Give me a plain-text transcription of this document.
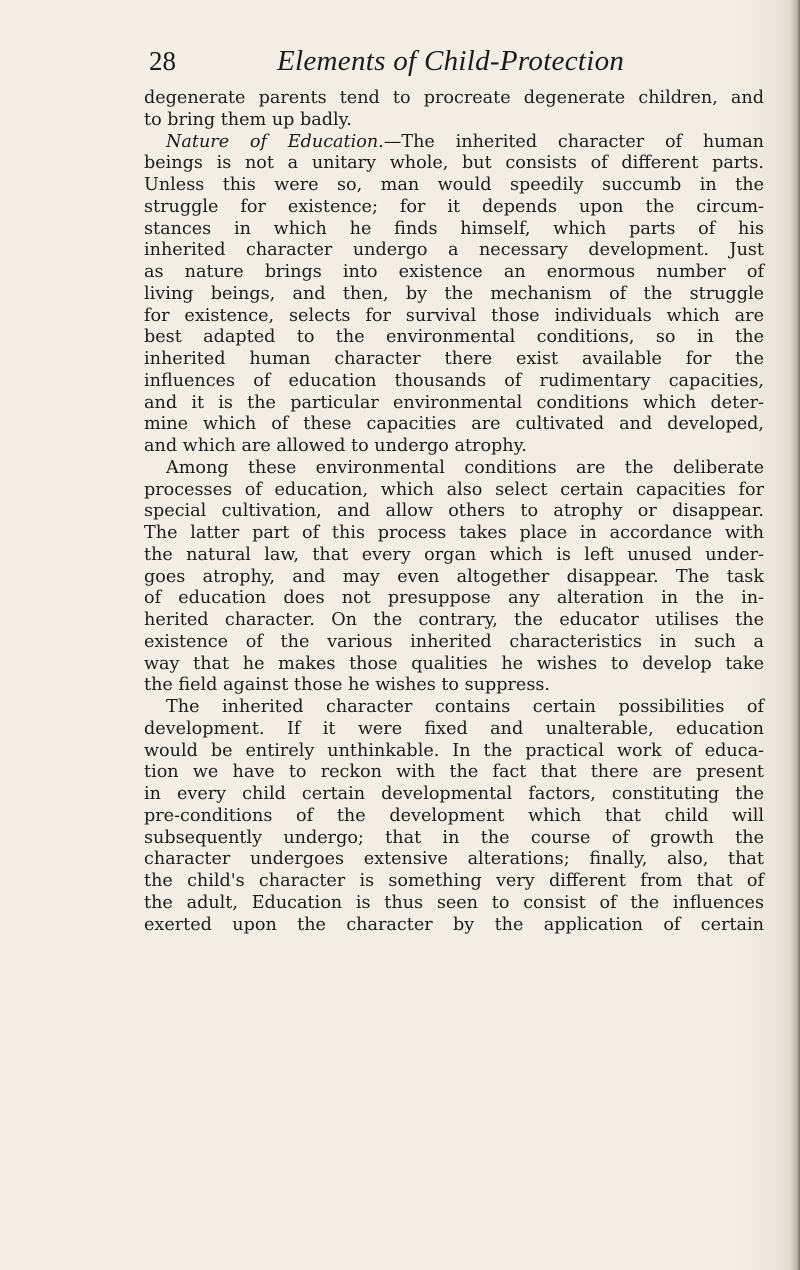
28	Elements of Child-Protection
degenerate parents tend to procreate degenerate children, and
to bring them up badly.
Nature of Education.—The inherited character of human
beings is not a unitary whole, but consists of different parts.
Unless this were so, man would speedily succumb in the
struggle for existence; for it depends upon the circum-
stances in which he finds himself, which parts of his
inherited character undergo a necessary development. Just
as nature brings into existence an enormous number of
living beings, and then, by the mechanism of the struggle
for existence, selects for survival those individuals which are
best adapted to the environmental conditions, so in the
inherited human character there exist available for the
influences of education thousands of rudimentary capacities,
and it is the particular environmental conditions which deter-
mine which of these capacities are cultivated and developed,
and which are allowed to undergo atrophy.
Among these environmental conditions are the deliberate
processes of education, which also select certain capacities for
special cultivation, and allow others to atrophy or disappear.
The latter part of this process takes place in accordance with
the natural law, that every organ which is left unused under-
goes atrophy, and may even altogether disappear. The task
of education does not presuppose any alteration in the in-
herited character. On the contrary, the educator utilises the
existence of the various inherited characteristics in such a
way that he makes those qualities he wishes to develop take
the field against those he wishes to suppress.
The inherited character contains certain possibilities of
development. If it were fixed and unalterable, education
would be entirely unthinkable. In the practical work of educa-
tion we have to reckon with the fact that there are present
in every child certain developmental factors, constituting the
pre-conditions of the development which that child will
subsequently undergo; that in the course of growth the
character undergoes extensive alterations; finally, also, that
the child's character is something very different from that of
the adult, Education is thus seen to consist of the influences
exerted upon the character by the application of certain
